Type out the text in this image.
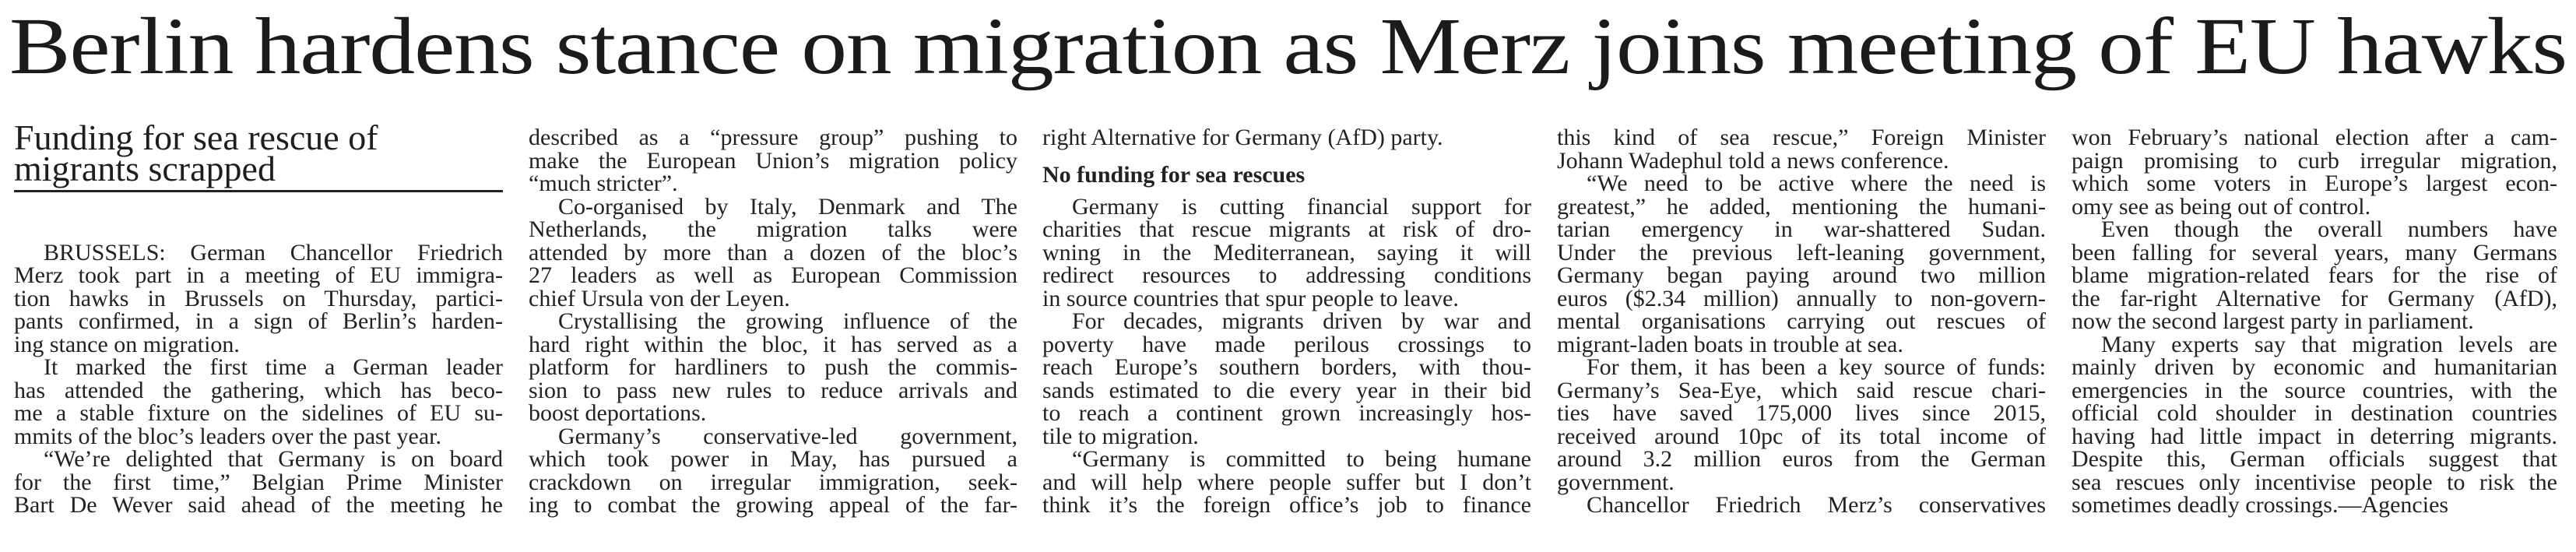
Berlin hardens stance on migration as Merz joins meeting of EU hawks
Funding for sea rescue of
migrants scrapped
BRUSSELS: German Chancellor Friedrich
Merz took part in a meeting of EU immigra-
tion hawks in Brussels on Thursday, partici-
pants confirmed, in a sign of Berlin’s harden-
ing stance on migration.
It marked the first time a German leader
has attended the gathering, which has beco-
me a stable fixture on the sidelines of EU su-
mmits of the bloc’s leaders over the past year.
“We’re delighted that Germany is on board
for the first time,” Belgian Prime Minister
Bart De Wever said ahead of the meeting he
described as a “pressure group” pushing to
make the European Union’s migration policy
“much stricter”.
Co-organised by Italy, Denmark and The
Netherlands, the migration talks were
attended by more than a dozen of the bloc’s
27 leaders as well as European Commission
chief Ursula von der Leyen.
Crystallising the growing influence of the
hard right within the bloc, it has served as a
platform for hardliners to push the commis-
sion to pass new rules to reduce arrivals and
boost deportations.
Germany’s conservative-led government,
which took power in May, has pursued a
crackdown on irregular immigration, seek-
ing to combat the growing appeal of the far-
right Alternative for Germany (AfD) party.
No funding for sea rescues
Germany is cutting financial support for
charities that rescue migrants at risk of dro-
wning in the Mediterranean, saying it will
redirect resources to addressing conditions
in source countries that spur people to leave.
For decades, migrants driven by war and
poverty have made perilous crossings to
reach Europe’s southern borders, with thou-
sands estimated to die every year in their bid
to reach a continent grown increasingly hos-
tile to migration.
“Germany is committed to being humane
and will help where people suffer but I don’t
think it’s the foreign office’s job to finance
this kind of sea rescue,” Foreign Minister
Johann Wadephul told a news conference.
“We need to be active where the need is
greatest,” he added, mentioning the humani-
tarian emergency in war-shattered Sudan.
Under the previous left-leaning government,
Germany began paying around two million
euros ($2.34 million) annually to non-govern-
mental organisations carrying out rescues of
migrant-laden boats in trouble at sea.
For them, it has been a key source of funds:
Germany’s Sea-Eye, which said rescue chari-
ties have saved 175,000 lives since 2015,
received around 10pc of its total income of
around 3.2 million euros from the German
government.
Chancellor Friedrich Merz’s conservatives
won February’s national election after a cam-
paign promising to curb irregular migration,
which some voters in Europe’s largest econ-
omy see as being out of control.
Even though the overall numbers have
been falling for several years, many Germans
blame migration-related fears for the rise of
the far-right Alternative for Germany (AfD),
now the second largest party in parliament.
Many experts say that migration levels are
mainly driven by economic and humanitarian
emergencies in the source countries, with the
official cold shoulder in destination countries
having had little impact in deterring migrants.
Despite this, German officials suggest that
sea rescues only incentivise people to risk the
sometimes deadly crossings.—Agencies
